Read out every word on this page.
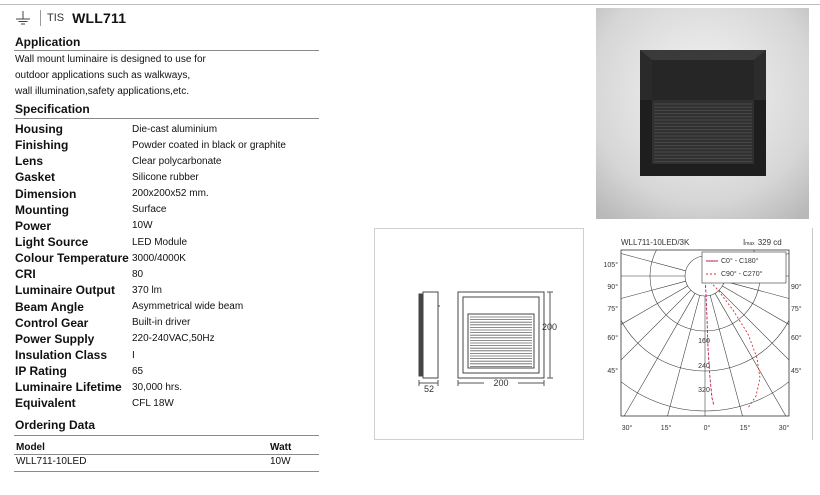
TIS WLL711
Application
Wall mount luminaire is designed to use for
outdoor applications such as walkways,
wall illumination,safety applications,etc.
Specification
Housing	Die-cast aluminium
Finishing	Powder coated in black or graphite
Lens	Clear polycarbonate
Gasket	Silicone rubber
Dimension	200x200x52 mm.
Mounting	Surface
Power	10W
Light Source	LED Module
Colour Temperature 3000/4000K
CRI	80
Luminaire Output	370 lm
Beam Angle	Asymmetrical wide beam
Control Gear	Built-in driver
Power Supply	220-240VAC,50Hz
Insulation Class	I
IP Rating	65
Luminaire Lifetime	30,000 hrs.
Equivalent	CFL 18W
Ordering Data
Model	Watt
WLL711-10LED	10W
200
200
52
WLL711-10LED/3K	Imax 329 cd
C0° - C180°
C90° - C270°
105°
90°
75°
60°
45°
90°
75°
60°
45°
30°	15°	0°	15°	30°
160
240
320
